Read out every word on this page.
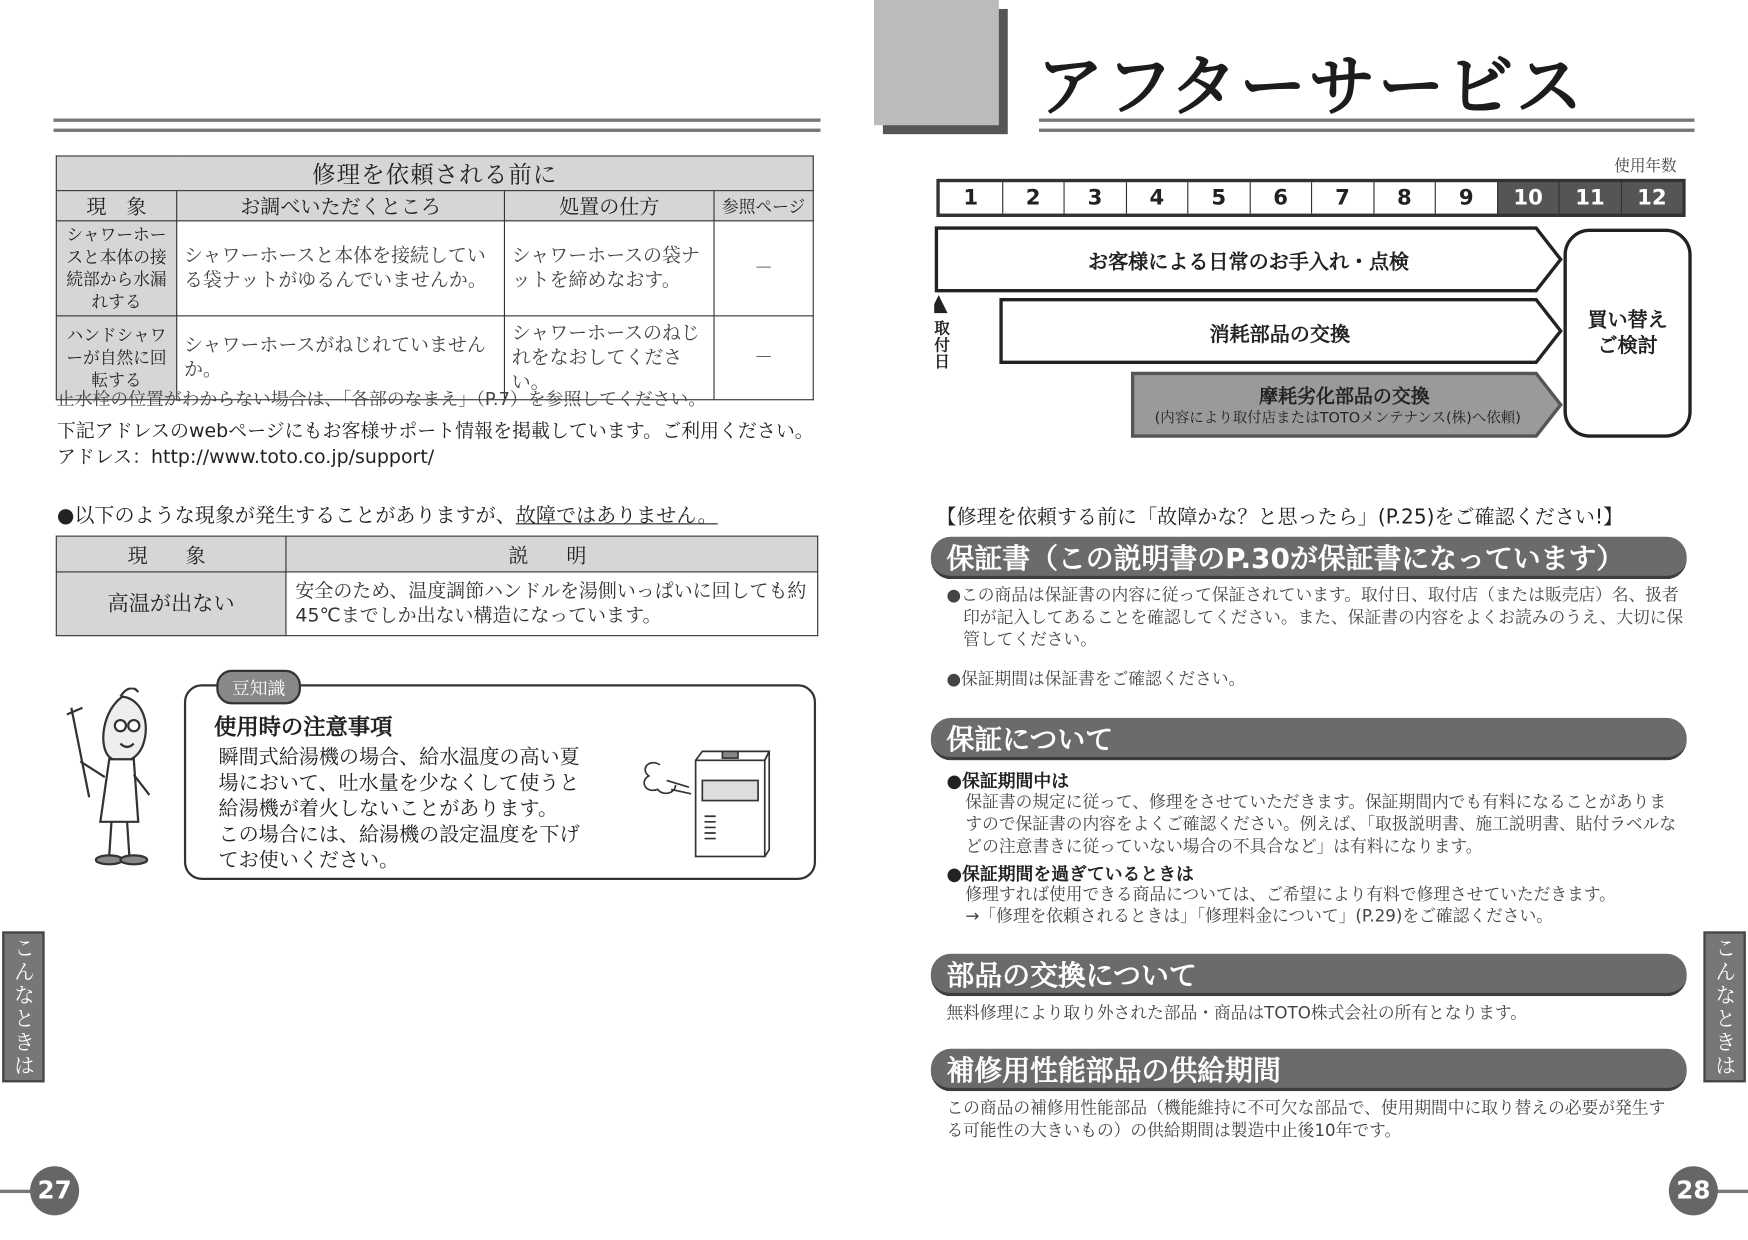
修理を依頼される前に			
現　象	お調べいただくところ	処置の仕方	参照ページ
シャワーホースと本体の接続部から水漏れする	シャワーホースと本体を接続している袋ナットがゆるんでいませんか。	シャワーホースの袋ナットを締めなおす。	－
ハンドシャワーが自然に回転する	シャワーホースがねじれていませんか。	シャワーホースのねじれをなおしてください。	－
止水栓の位置がわからない場合は、「各部のなまえ」（P.7）を参照してください。
下記アドレスのwebページにもお客様サポート情報を掲載しています。ご利用ください。
アドレス：http://www.toto.co.jp/support/
●以下のような現象が発生することがありますが、故障ではありません。
現　象	説　明
高温が出ない	安全のため、温度調節ハンドルを湯側いっぱいに回しても約45℃までしか出ない構造になっています。
豆知識
使用時の注意事項
瞬間式給湯機の場合、給水温度の高い夏
場において、吐水量を少なくして使うと
給湯機が着火しないことがあります。
この場合には、給湯機の設定温度を下げ
てお使いください。
こんなときは
27
アフターサービス
使用年数
1	2	3	4	5	6	7	8	9	10	11	12
取付日
お客様による日常のお手入れ・点検
消耗部品の交換
摩耗劣化部品の交換
(内容により取付店またはTOTOメンテナンス(株)へ依頼)
買い替え
ご検討
【修理を依頼する前に「故障かな？と思ったら」(P.25)をご確認ください!】
保証書（この説明書のP.30が保証書になっています）
●この商品は保証書の内容に従って保証されています。取付日、取付店（または販売店）名、扱者印が記入してあることを確認してください。また、保証書の内容をよくお読みのうえ、大切に保管してください。
●保証期間は保証書をご確認ください。
保証について
●保証期間中は
保証書の規定に従って、修理をさせていただきます。保証期間内でも有料になることがありますので保証書の内容をよくご確認ください。例えば、「取扱説明書、施工説明書、貼付ラベルなどの注意書きに従っていない場合の不具合など」は有料になります。
●保証期間を過ぎているときは
修理すれば使用できる商品については、ご希望により有料で修理させていただきます。
→「修理を依頼されるときは」「修理料金について」(P.29)をご確認ください。
部品の交換について
無料修理により取り外された部品・商品はTOTO株式会社の所有となります。
補修用性能部品の供給期間
この商品の補修用性能部品（機能維持に不可欠な部品で、使用期間中に取り替えの必要が発生する可能性の大きいもの）の供給期間は製造中止後10年です。
こんなときは
28
